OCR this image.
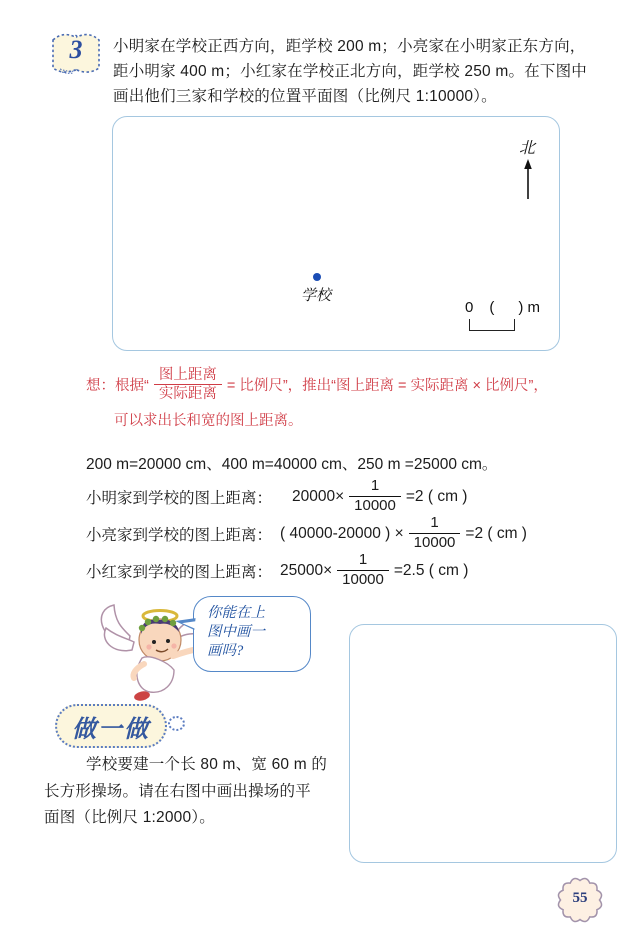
3	小明家在学校正西方向，距学校 200 m；小亮家在小明家正东方向，
距小明家 400 m；小红家在学校正北方向，距学校 250 m。在下图中
画出他们三家和学校的位置平面图（比例尺 1:10000）。
北
学校
0 ( ) m
想：根据“ $\frac{\text{图上距离}}{\text{实际距离}}$ = 比例尺”，推出“图上距离 = 实际距离 × 比例尺”，
可以求出长和宽的图上距离。
200 m=20000 cm、400 m=40000 cm、250 m =25000 cm。
小明家到学校的图上距离：	$20000\times \frac{1}{10000} =2$ ( cm )
小亮家到学校的图上距离： ( 40000-20000 ) × $\frac{1}{10000} =2$ ( cm )
小红家到学校的图上距离： $25000\times \frac{1}{10000} =2.5$ ( cm )
你能在上
图中画一
画吗?
做一做
学校要建一个长 80 m、宽 60 m 的
长方形操场。请在右图中画出操场的平
面图（比例尺 1:2000）。
55
